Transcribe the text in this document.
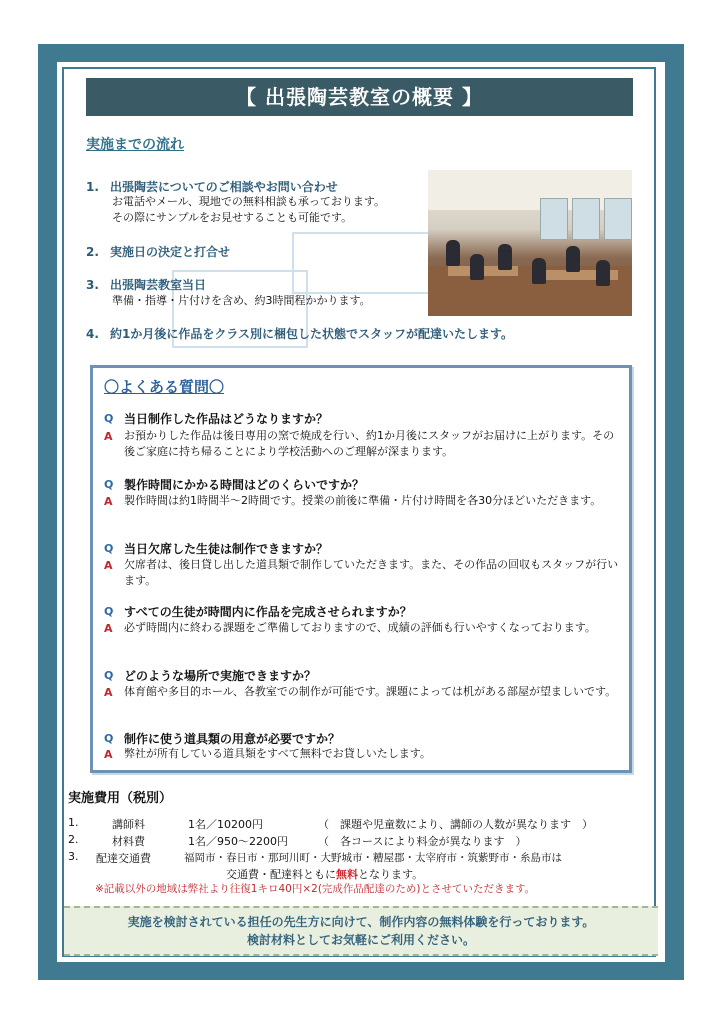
【 出張陶芸教室の概要 】
実施までの流れ
1. 出張陶芸についてのご相談やお問い合わせ
お電話やメール、現地での無料相談も承っております。
その際にサンプルをお見せすることも可能です。
2. 実施日の決定と打合せ
3. 出張陶芸教室当日
準備・指導・片付けを含め、約3時間程かかります。
4. 約1か月後に作品をクラス別に梱包した状態でスタッフが配達いたします。
〇よくある質問〇
Q 当日制作した作品はどうなりますか？
A お預かりした作品は後日専用の窯で焼成を行い、約1か月後にスタッフがお届けに上がります。その後ご家庭に持ち帰ることにより学校活動へのご理解が深まります。
Q 製作時間にかかる時間はどのくらいですか？
A 製作時間は約1時間半～2時間です。授業の前後に準備・片付け時間を各30分ほどいただきます。
Q 当日欠席した生徒は制作できますか？
A 欠席者は、後日貸し出した道具類で制作していただきます。また、その作品の回収もスタッフが行います。
Q すべての生徒が時間内に作品を完成させられますか？
A 必ず時間内に終わる課題をご準備しておりますので、成績の評価も行いやすくなっております。
Q どのような場所で実施できますか？
A 体育館や多目的ホール、各教室での制作が可能です。課題によっては机がある部屋が望ましいです。
Q 制作に使う道具類の用意が必要ですか？
A 弊社が所有している道具類をすべて無料でお貸しいたします。
実施費用（税別）
1.	講師料	1名／10200円	（　課題や児童数により、講師の人数が異なります　）
2.	材料費	1名／950～2200円	（　各コースにより料金が異なります　）
3. 配達交通費	福岡市・春日市・那珂川町・大野城市・糟屋郡・太宰府市・筑紫野市・糸島市は
交通費・配達料ともに無料となります。
※記載以外の地域は弊社より往復1キロ40円×2(完成作品配達のため)とさせていただきます。
実施を検討されている担任の先生方に向けて、制作内容の無料体験を行っております。
検討材料としてお気軽にご利用ください。
